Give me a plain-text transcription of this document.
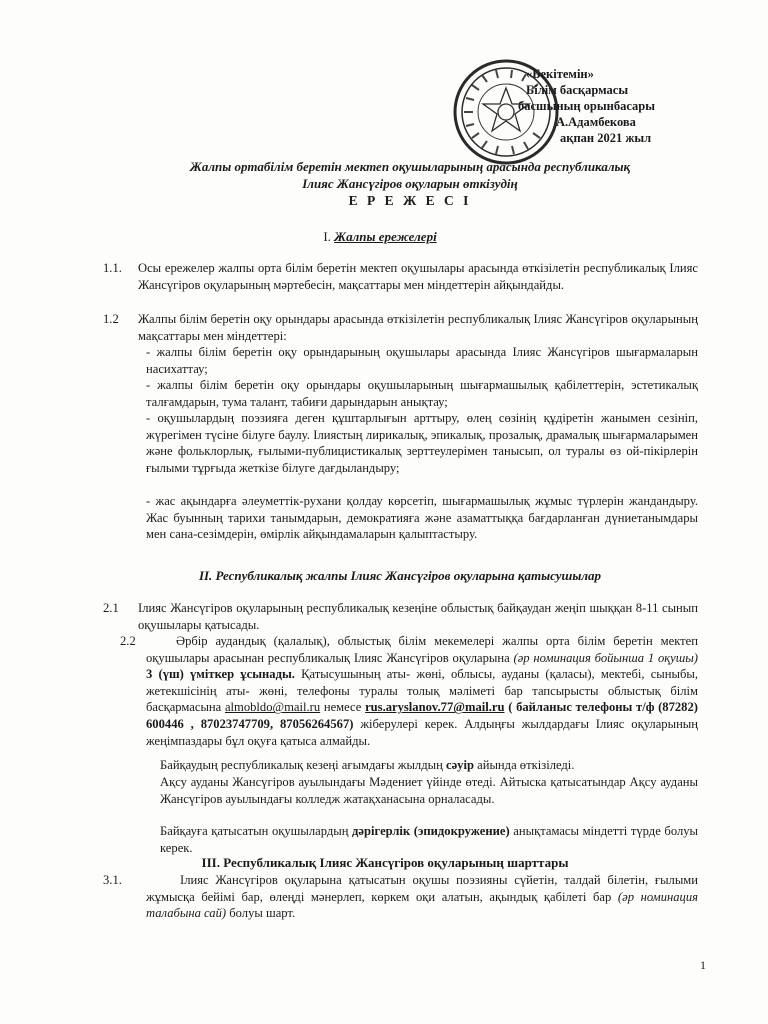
«Бекітемін»
Білім басқармасы
басшының орынбасары
А.Адамбекова
ақпан 2021 жыл
Жалпы ортабілім беретін мектеп оқушыларының арасында республикалық
Ілияс Жансүгіров оқуларын өткізудің
Е Р Е Ж Е С І
І. Жалпы ережелері
1.1. Осы ережелер жалпы орта білім беретін мектеп оқушылары арасында өткізілетін республикалық Ілияс Жансүгіров оқуларының мәртебесін, мақсаттары мен міндеттерін айқындайды.
1.2 Жалпы білім беретін оқу орындары арасында өткізілетін республикалық Ілияс Жансүгіров оқуларының мақсаттары мен міндеттері:
- жалпы білім беретін оқу орындарының оқушылары арасында Ілияс Жансүгіров шығармаларын насихаттау;
- жалпы білім беретін оқу орындары оқушыларының шығармашылық қабілеттерін, эстетикалық талғамдарын, тума талант, табиғи дарындарын анықтау;
- оқушылардың поэзияға деген құштарлығын арттыру, өлең сөзінің құдіретін жанымен сезініп, жүрегімен түсіне білуге баулу. Ілиястың лирикалық, эпикалық, прозалық, драмалық шығармаларымен және фольклорлық, ғылыми-публицистикалық зерттеулерімен танысып, ол туралы өз ой-пікірлерін ғылыми тұрғыда жеткізе білуге дағдыландыру;
- жас ақындарға әлеуметтік-рухани қолдау көрсетіп, шығармашылық жұмыс түрлерін жандандыру. Жас буынның тарихи танымдарын, демократияға және азаматтыққа бағдарланған дүниетанымдары мен сана-сезімдерін, өмірлік айқындамаларын қалыптастыру.
ІІ. Республикалық жалпы Ілияс Жансүгіров оқуларына қатысушылар
2.1 Ілияс Жансүгіров оқуларының республикалық кезеңіне облыстық байқаудан жеңіп шыққан 8-11 сынып оқушылары қатысады.
2.2	Әрбір аудандық (қалалық), облыстық білім мекемелері жалпы орта білім беретін мектеп оқушылары арасынан республикалық Ілияс Жансүгіров оқуларына (әр номинация бойынша 1 оқушы) 3 (үш) үміткер ұсынады. Қатысушының аты- жөні, облысы, ауданы (қаласы), мектебі, сыныбы, жетекшісінің аты- жөні, телефоны туралы толық мәліметі бар тапсырысты облыстық білім басқармасына almobldo@mail.ru немесе rus.aryslanov.77@mail.ru ( байланыс телефоны т/ф (87282) 600446 , 87023747709, 87056264567) жіберулері керек. Алдыңғы жылдардағы Ілияс оқуларының жеңімпаздары бұл оқуға қатыса алмайды.
Байқаудың республикалық кезеңі ағымдағы жылдың сәуір айында өткізіледі.
Ақсу ауданы Жансүгіров ауылындағы Мәдениет үйінде өтеді. Айтыска қатысатындар Ақсу ауданы Жансүгіров ауылындағы колледж жатақханасына орналасады.
Байқауға қатысатын оқушылардың дәрігерлік (эпидокружение) анықтамасы міндетті түрде болуы керек.
ІІІ. Республикалық Ілияс Жансүгіров оқуларының шарттары
3.1.	Ілияс Жансүгіров оқуларына қатысатын оқушы поэзияны сүйетін, талдай білетін, ғылыми жұмысқа бейімі бар, өлеңді мәнерлеп, көркем оқи алатын, ақындық қабілеті бар (әр номинация талабына сай) болуы шарт.
1
